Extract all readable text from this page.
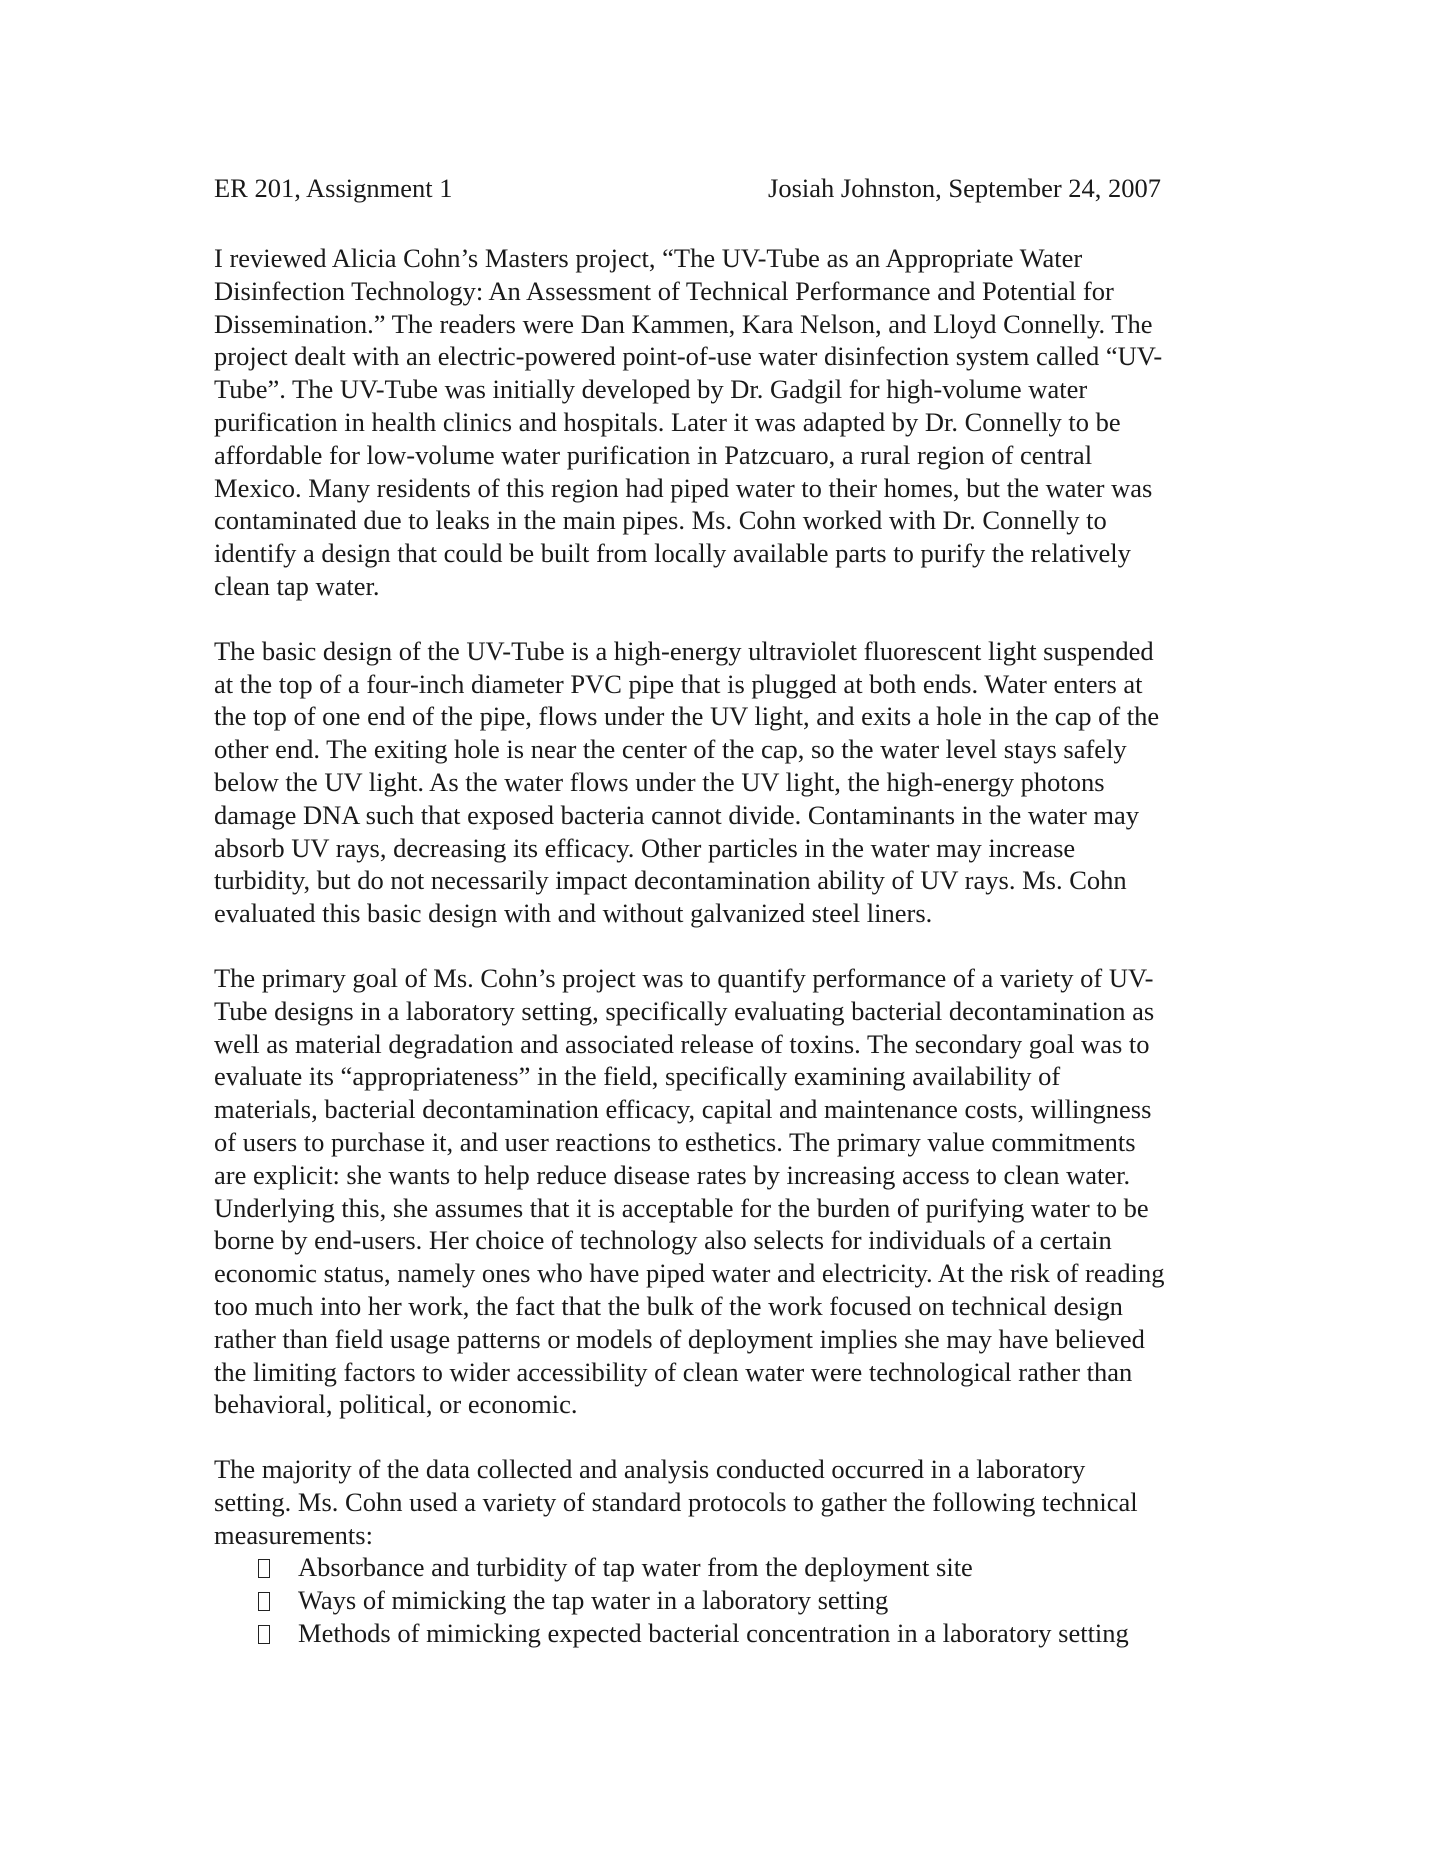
ER 201, Assignment 1	Josiah Johnston, September 24, 2007

I reviewed Alicia Cohn’s Masters project, “The UV-Tube as an Appropriate Water
Disinfection Technology: An Assessment of Technical Performance and Potential for
Dissemination.” The readers were Dan Kammen, Kara Nelson, and Lloyd Connelly. The
project dealt with an electric-powered point-of-use water disinfection system called “UV-
Tube”. The UV-Tube was initially developed by Dr. Gadgil for high-volume water
purification in health clinics and hospitals. Later it was adapted by Dr. Connelly to be
affordable for low-volume water purification in Patzcuaro, a rural region of central
Mexico. Many residents of this region had piped water to their homes, but the water was
contaminated due to leaks in the main pipes. Ms. Cohn worked with Dr. Connelly to
identify a design that could be built from locally available parts to purify the relatively
clean tap water.

The basic design of the UV-Tube is a high-energy ultraviolet fluorescent light suspended
at the top of a four-inch diameter PVC pipe that is plugged at both ends. Water enters at
the top of one end of the pipe, flows under the UV light, and exits a hole in the cap of the
other end. The exiting hole is near the center of the cap, so the water level stays safely
below the UV light. As the water flows under the UV light, the high-energy photons
damage DNA such that exposed bacteria cannot divide. Contaminants in the water may
absorb UV rays, decreasing its efficacy. Other particles in the water may increase
turbidity, but do not necessarily impact decontamination ability of UV rays. Ms. Cohn
evaluated this basic design with and without galvanized steel liners.

The primary goal of Ms. Cohn’s project was to quantify performance of a variety of UV-
Tube designs in a laboratory setting, specifically evaluating bacterial decontamination as
well as material degradation and associated release of toxins. The secondary goal was to
evaluate its “appropriateness” in the field, specifically examining availability of
materials, bacterial decontamination efficacy, capital and maintenance costs, willingness
of users to purchase it, and user reactions to esthetics. The primary value commitments
are explicit: she wants to help reduce disease rates by increasing access to clean water.
Underlying this, she assumes that it is acceptable for the burden of purifying water to be
borne by end-users. Her choice of technology also selects for individuals of a certain
economic status, namely ones who have piped water and electricity. At the risk of reading
too much into her work, the fact that the bulk of the work focused on technical design
rather than field usage patterns or models of deployment implies she may have believed
the limiting factors to wider accessibility of clean water were technological rather than
behavioral, political, or economic.

The majority of the data collected and analysis conducted occurred in a laboratory
setting. Ms. Cohn used a variety of standard protocols to gather the following technical
measurements:

Absorbance and turbidity of tap water from the deployment site
Ways of mimicking the tap water in a laboratory setting
Methods of mimicking expected bacterial concentration in a laboratory setting
